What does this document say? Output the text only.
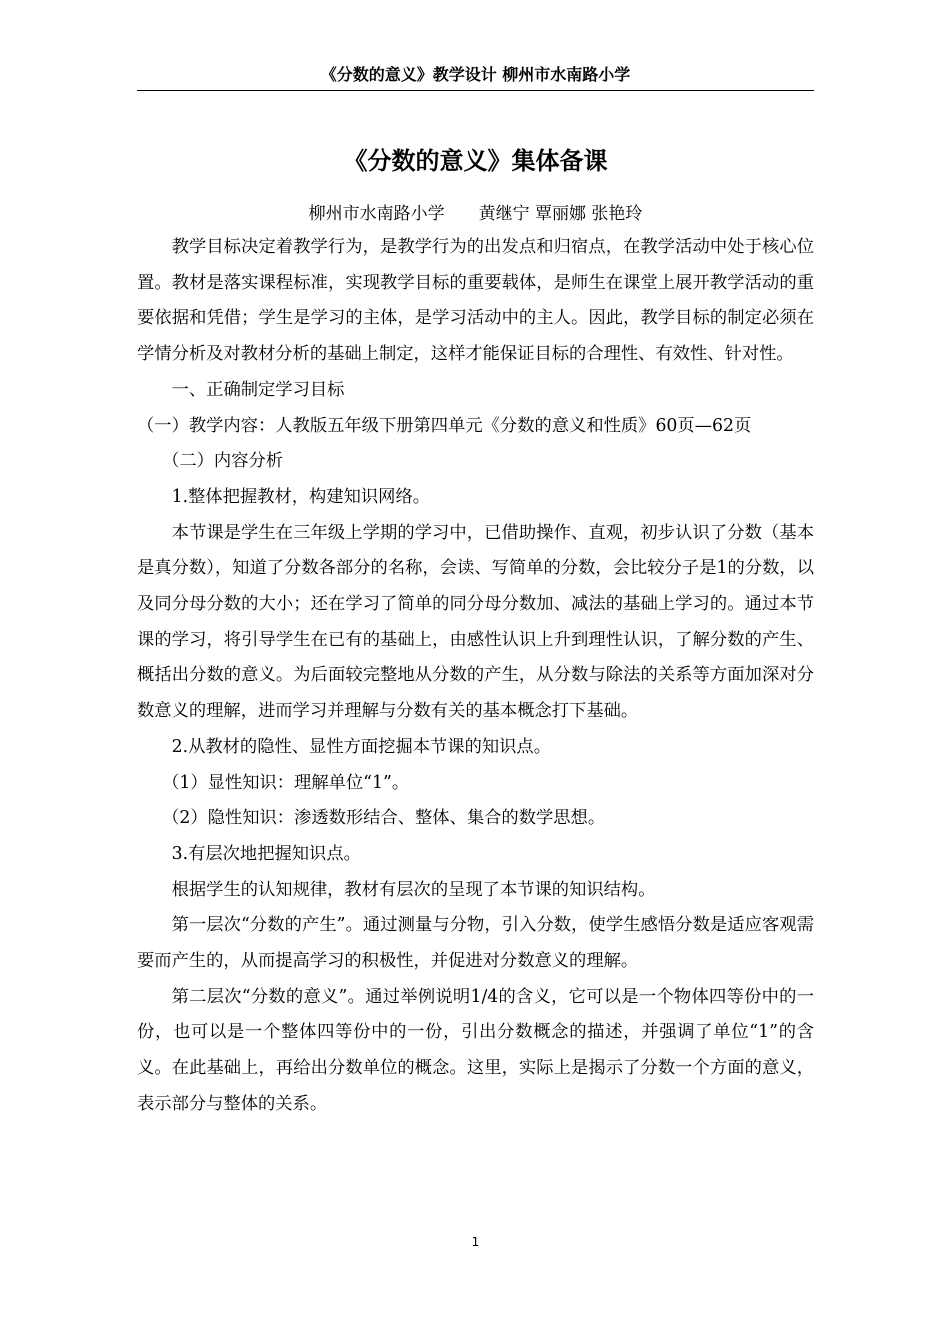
《分数的意义》教学设计 柳州市水南路小学
《分数的意义》集体备课
柳州市水南路小学 黄继宁 覃丽娜 张艳玲

教学目标决定着教学行为，是教学行为的出发点和归宿点，在教学活动中处于核心位置。教材是落实课程标准，实现教学目标的重要载体，是师生在课堂上展开教学活动的重要依据和凭借；学生是学习的主体，是学习活动中的主人。因此，教学目标的制定必须在学情分析及对教材分析的基础上制定，这样才能保证目标的合理性、有效性、针对性。

一、正确制定学习目标

（一）教学内容：人教版五年级下册第四单元《分数的意义和性质》60页—62页

（二）内容分析

1.整体把握教材，构建知识网络。

本节课是学生在三年级上学期的学习中，已借助操作、直观，初步认识了分数（基本是真分数），知道了分数各部分的名称，会读、写简单的分数，会比较分子是1的分数，以及同分母分数的大小；还在学习了简单的同分母分数加、减法的基础上学习的。通过本节课的学习，将引导学生在已有的基础上，由感性认识上升到理性认识，了解分数的产生、概括出分数的意义。为后面较完整地从分数的产生，从分数与除法的关系等方面加深对分数意义的理解，进而学习并理解与分数有关的基本概念打下基础。

2.从教材的隐性、显性方面挖掘本节课的知识点。

（1）显性知识：理解单位“1”。

（2）隐性知识：渗透数形结合、整体、集合的数学思想。

3.有层次地把握知识点。

根据学生的认知规律，教材有层次的呈现了本节课的知识结构。

第一层次“分数的产生”。通过测量与分物，引入分数，使学生感悟分数是适应客观需要而产生的，从而提高学习的积极性，并促进对分数意义的理解。

第二层次“分数的意义”。通过举例说明1/4的含义，它可以是一个物体四等份中的一份，也可以是一个整体四等份中的一份，引出分数概念的描述，并强调了单位“1”的含义。在此基础上，再给出分数单位的概念。这里，实际上是揭示了分数一个方面的意义，表示部分与整体的关系。

1
